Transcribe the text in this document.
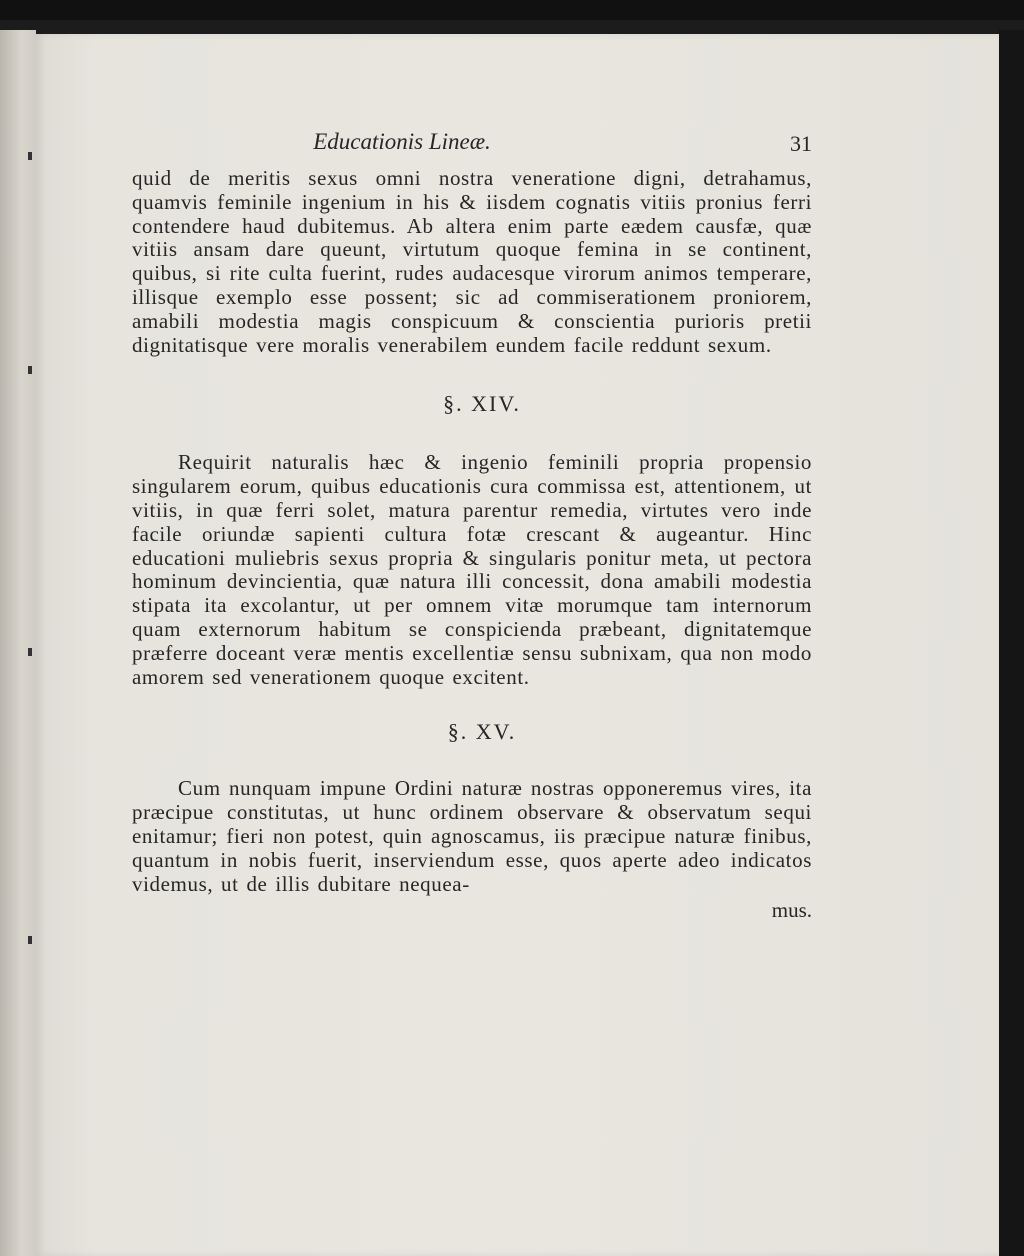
Educationis Lineæ.	31

quid de meritis sexus omni nostra veneratione digni, detrahamus, quamvis feminile ingenium in his & iisdem cognatis vitiis pronius ferri contendere haud dubitemus. Ab altera enim parte eædem causfæ, quæ vitiis ansam dare queunt, virtutum quoque femina in se continent, quibus, si rite culta fuerint, rudes audacesque virorum animos temperare, illisque exemplo esse possent; sic ad commiserationem proniorem, amabili modestia magis conspicuum & conscientia purioris pretii dignitatisque vere moralis venerabilem eundem facile reddunt sexum.

§. XIV.

Requirit naturalis hæc & ingenio feminili propria propensio singularem eorum, quibus educationis cura commissa est, attentionem, ut vitiis, in quæ ferri solet, matura parentur remedia, virtutes vero inde facile oriundæ sapienti cultura fotæ crescant & augeantur. Hinc educationi muliebris sexus propria & singularis ponitur meta, ut pectora hominum devincientia, quæ natura illi concessit, dona amabili modestia stipata ita excolantur, ut per omnem vitæ morumque tam internorum quam externorum habitum se conspicienda præbeant, dignitatemque præferre doceant veræ mentis excellentiæ sensu subnixam, qua non modo amorem sed venerationem quoque excitent.

§. XV.

Cum nunquam impune Ordini naturæ nostras opponeremus vires, ita præcipue constitutas, ut hunc ordinem observare & observatum sequi enitamur; fieri non potest, quin agnoscamus, iis præcipue naturæ finibus, quantum in nobis fuerit, inserviendum esse, quos aperte adeo indicatos videmus, ut de illis dubitare nequea-

mus.
